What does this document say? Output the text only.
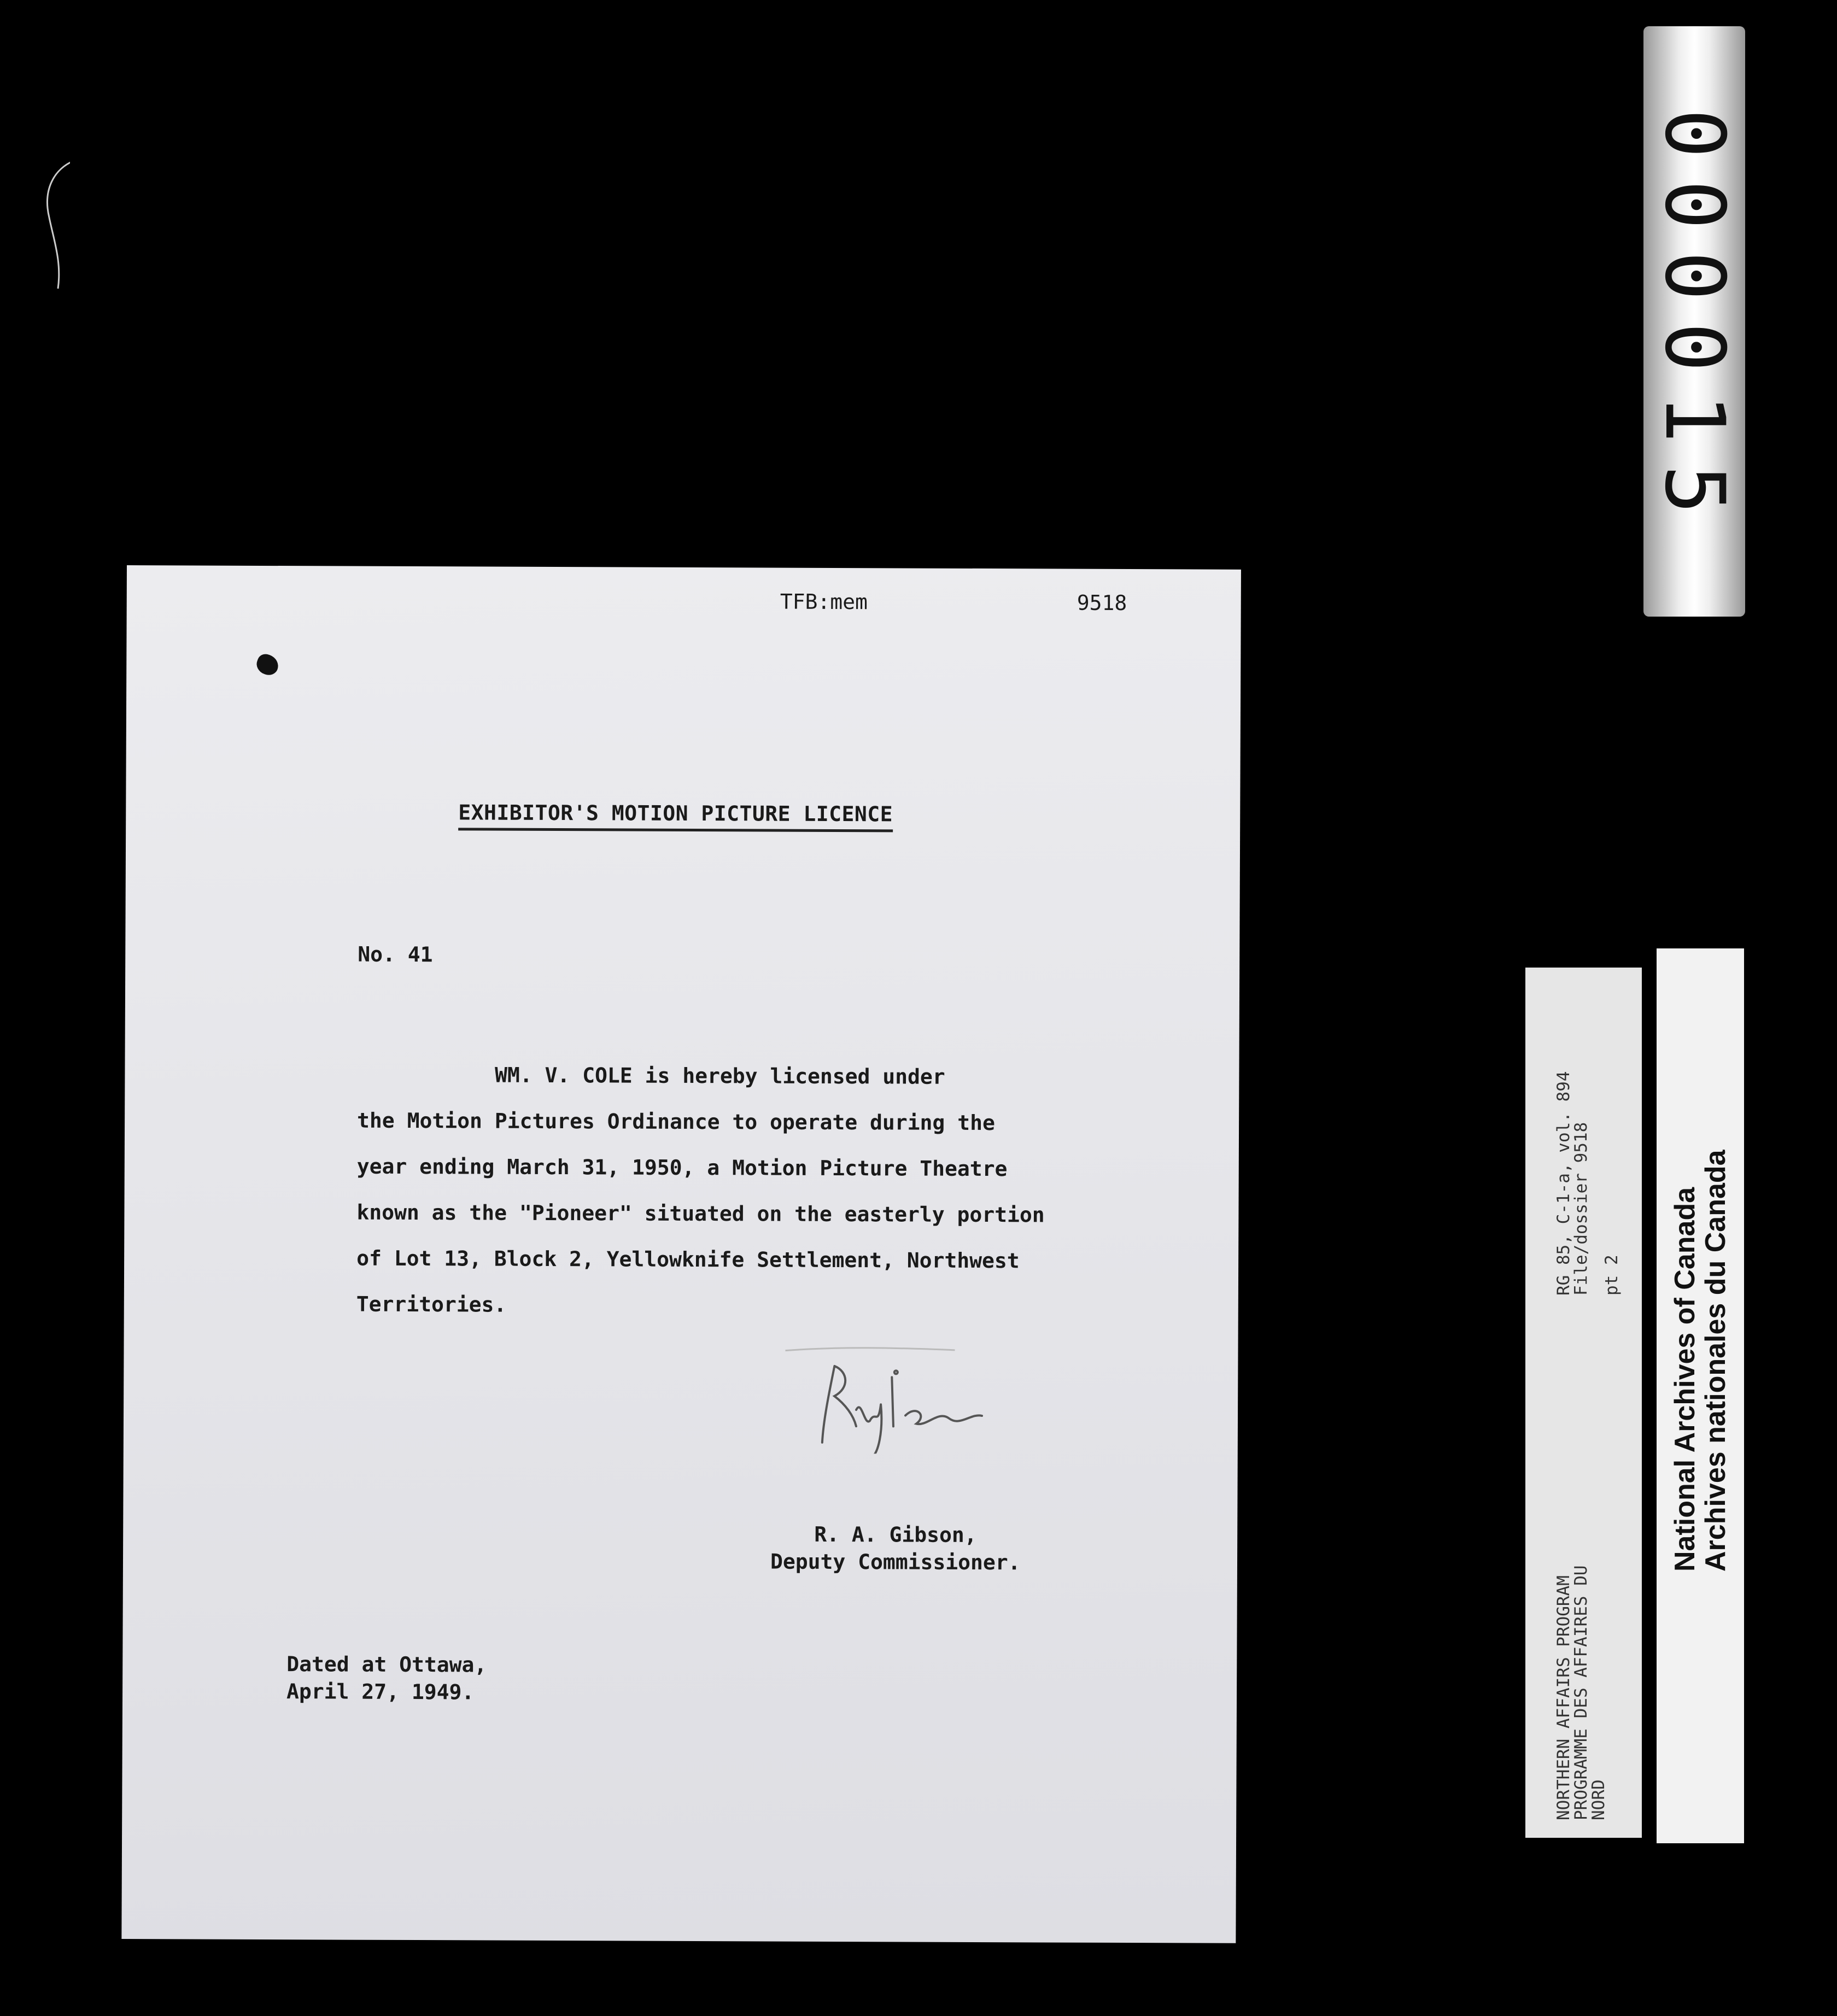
000015
TFB:mem	9518
EXHIBITOR'S MOTION PICTURE LICENCE
No. 41
WM. V. COLE is hereby licensed under
the Motion Pictures Ordinance to operate during the
year ending March 31, 1950, a Motion Picture Theatre
known as the "Pioneer" situated on the easterly portion
of Lot 13, Block 2, Yellowknife Settlement, Northwest
Territories.
R. A. Gibson,
Deputy Commissioner.
Dated at Ottawa,
April 27, 1949.	NORTHERN AFFAIRS PROGRAM
PROGRAMME DES AFFAIRES DU
NORD
RG 85, C-1-a, vol. 894
File/dossier 9518 pt 2 National Archives of Canada
Archives nationales du Canada
